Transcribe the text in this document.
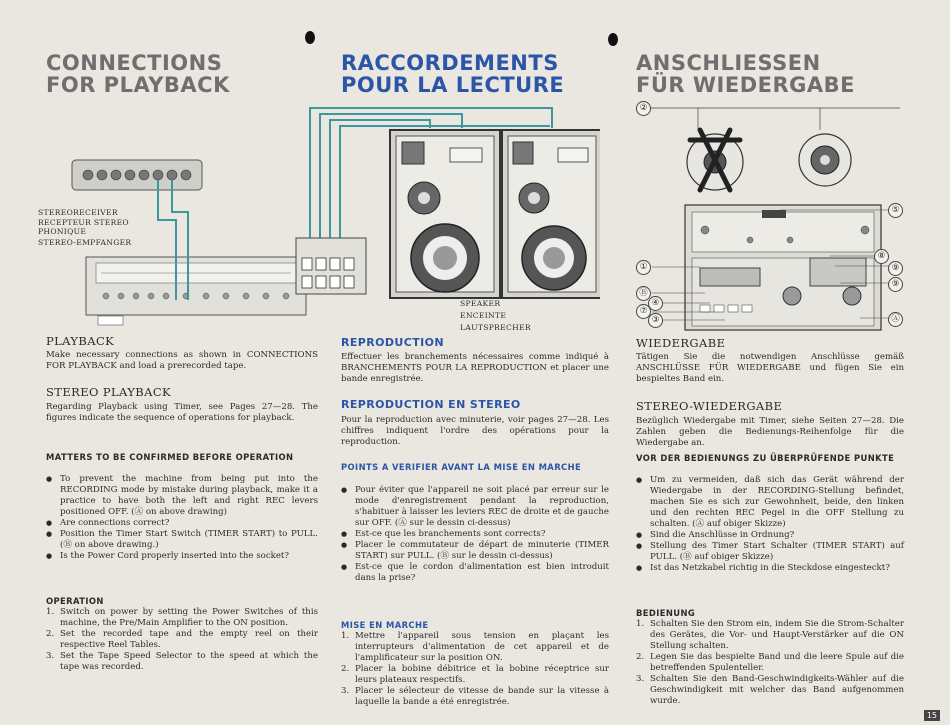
CONNECTIONS

FOR PLAYBACK

STEREORECEIVER
RECEPTEUR STEREO
PHONIQUE
STEREO-EMPFANGER

PLAYBACK

Make necessary connections as shown in CONNECTIONS FOR PLAYBACK and load a prerecorded tape.

STEREO PLAYBACK

Regarding Playback using Timer, see Pages 27—28. The figures indicate the sequence of operations for playback.

MATTERS TO BE CONFIRMED BEFORE OPERATION

● To prevent the machine from being put into the RECORDING mode by mistake during playback, make it a practice to have both the left and right REC levers positioned OFF. (Ⓐ on above drawing)
● Are connections correct?
● Position the Timer Start Switch (TIMER START) to PULL. (Ⓑ on above drawing.)
● Is the Power Cord properly inserted into the socket?

OPERATION

1. Switch on power by setting the Power Switches of this machine, the Pre/Main Amplifier to the ON position.
2. Set the recorded tape and the empty reel on their respective Reel Tables.
3. Set the Tape Speed Selector to the speed at which the tape was recorded.

RACCORDEMENTS

POUR LA LECTURE

SPEAKER
ENCEINTE
LAUTSPRECHER

REPRODUCTION

Effectuer les branchements nécessaires comme indiqué à BRANCHEMENTS POUR LA REPRODUCTION et placer une bande enregistrée.

REPRODUCTION EN STEREO

Pour la reproduction avec minuterie, voir pages 27—28. Les chiffres indiquent l'ordre des opérations pour la reproduction.

POINTS A VERIFIER AVANT LA MISE EN MARCHE

● Pour éviter que l'appareil ne soit placé par erreur sur le mode d'enregistrement pendant la reproduction, s'habituer à laisser les leviers REC de droite et de gauche sur OFF. (Ⓐ sur le dessin ci-dessus)
● Est-ce que les branchements sont corrects?
● Placer le commutateur de départ de minuterie (TIMER START) sur PULL. (Ⓑ sur le dessin ci-dessus)
● Est-ce que le cordon d'alimentation est bien introduit dans la prise?

MISE EN MARCHE

1. Mettre l'appareil sous tension en plaçant les interrupteurs d'alimentation de cet appareil et de l'amplificateur sur la position ON.
2. Placer la bobine débitrice et la bobine réceptrice sur leurs plateaux respectifs.
3. Placer le sélecteur de vitesse de bande sur la vitesse à laquelle la bande a été enregistrée.

ANSCHLIESSEN

FÜR WIEDERGABE

②
⑤
⑧
⑨
①
⑨
Ⓑ
④
⑦
③	Ⓐ

WIEDERGABE

Tätigen Sie die notwendigen Anschlüsse gemäß ANSCHLÜSSE FÜR WIEDERGABE und fügen Sie ein bespieltes Band ein.

STEREO-WIEDERGABE

Bezüglich Wiedergabe mit Timer, siehe Seiten 27—28. Die Zahlen geben die Bedienungs-Reihenfolge für die Wiedergabe an.

VOR DER BEDIENUNGS ZU ÜBERPRÜFENDE PUNKTE

● Um zu vermeiden, daß sich das Gerät während der Wiedergabe in der RECORDING-Stellung befindet, machen Sie es sich zur Gewohnheit, beide, den linken und den rechten REC Pegel in die OFF Stellung zu schalten. (Ⓐ auf obiger Skizze)
● Sind die Anschlüsse in Ordnung?
● Stellung des Timer Start Schalter (TIMER START) auf PULL. (Ⓑ auf obiger Skizze)
● Ist das Netzkabel richtig in die Steckdose eingesteckt?

BEDIENUNG

1. Schalten Sie den Strom ein, indem Sie die Strom-Schalter des Gerätes, die Vor- und Haupt-Verstärker auf die ON Stellung schalten.
2. Legen Sie das bespielte Band und die leere Spule auf die betreffenden Spulenteller.
3. Schalten Sie den Band-Geschwindigkeits-Wähler auf die Geschwindigkeit mit welcher das Band aufgenommen wurde.
15
